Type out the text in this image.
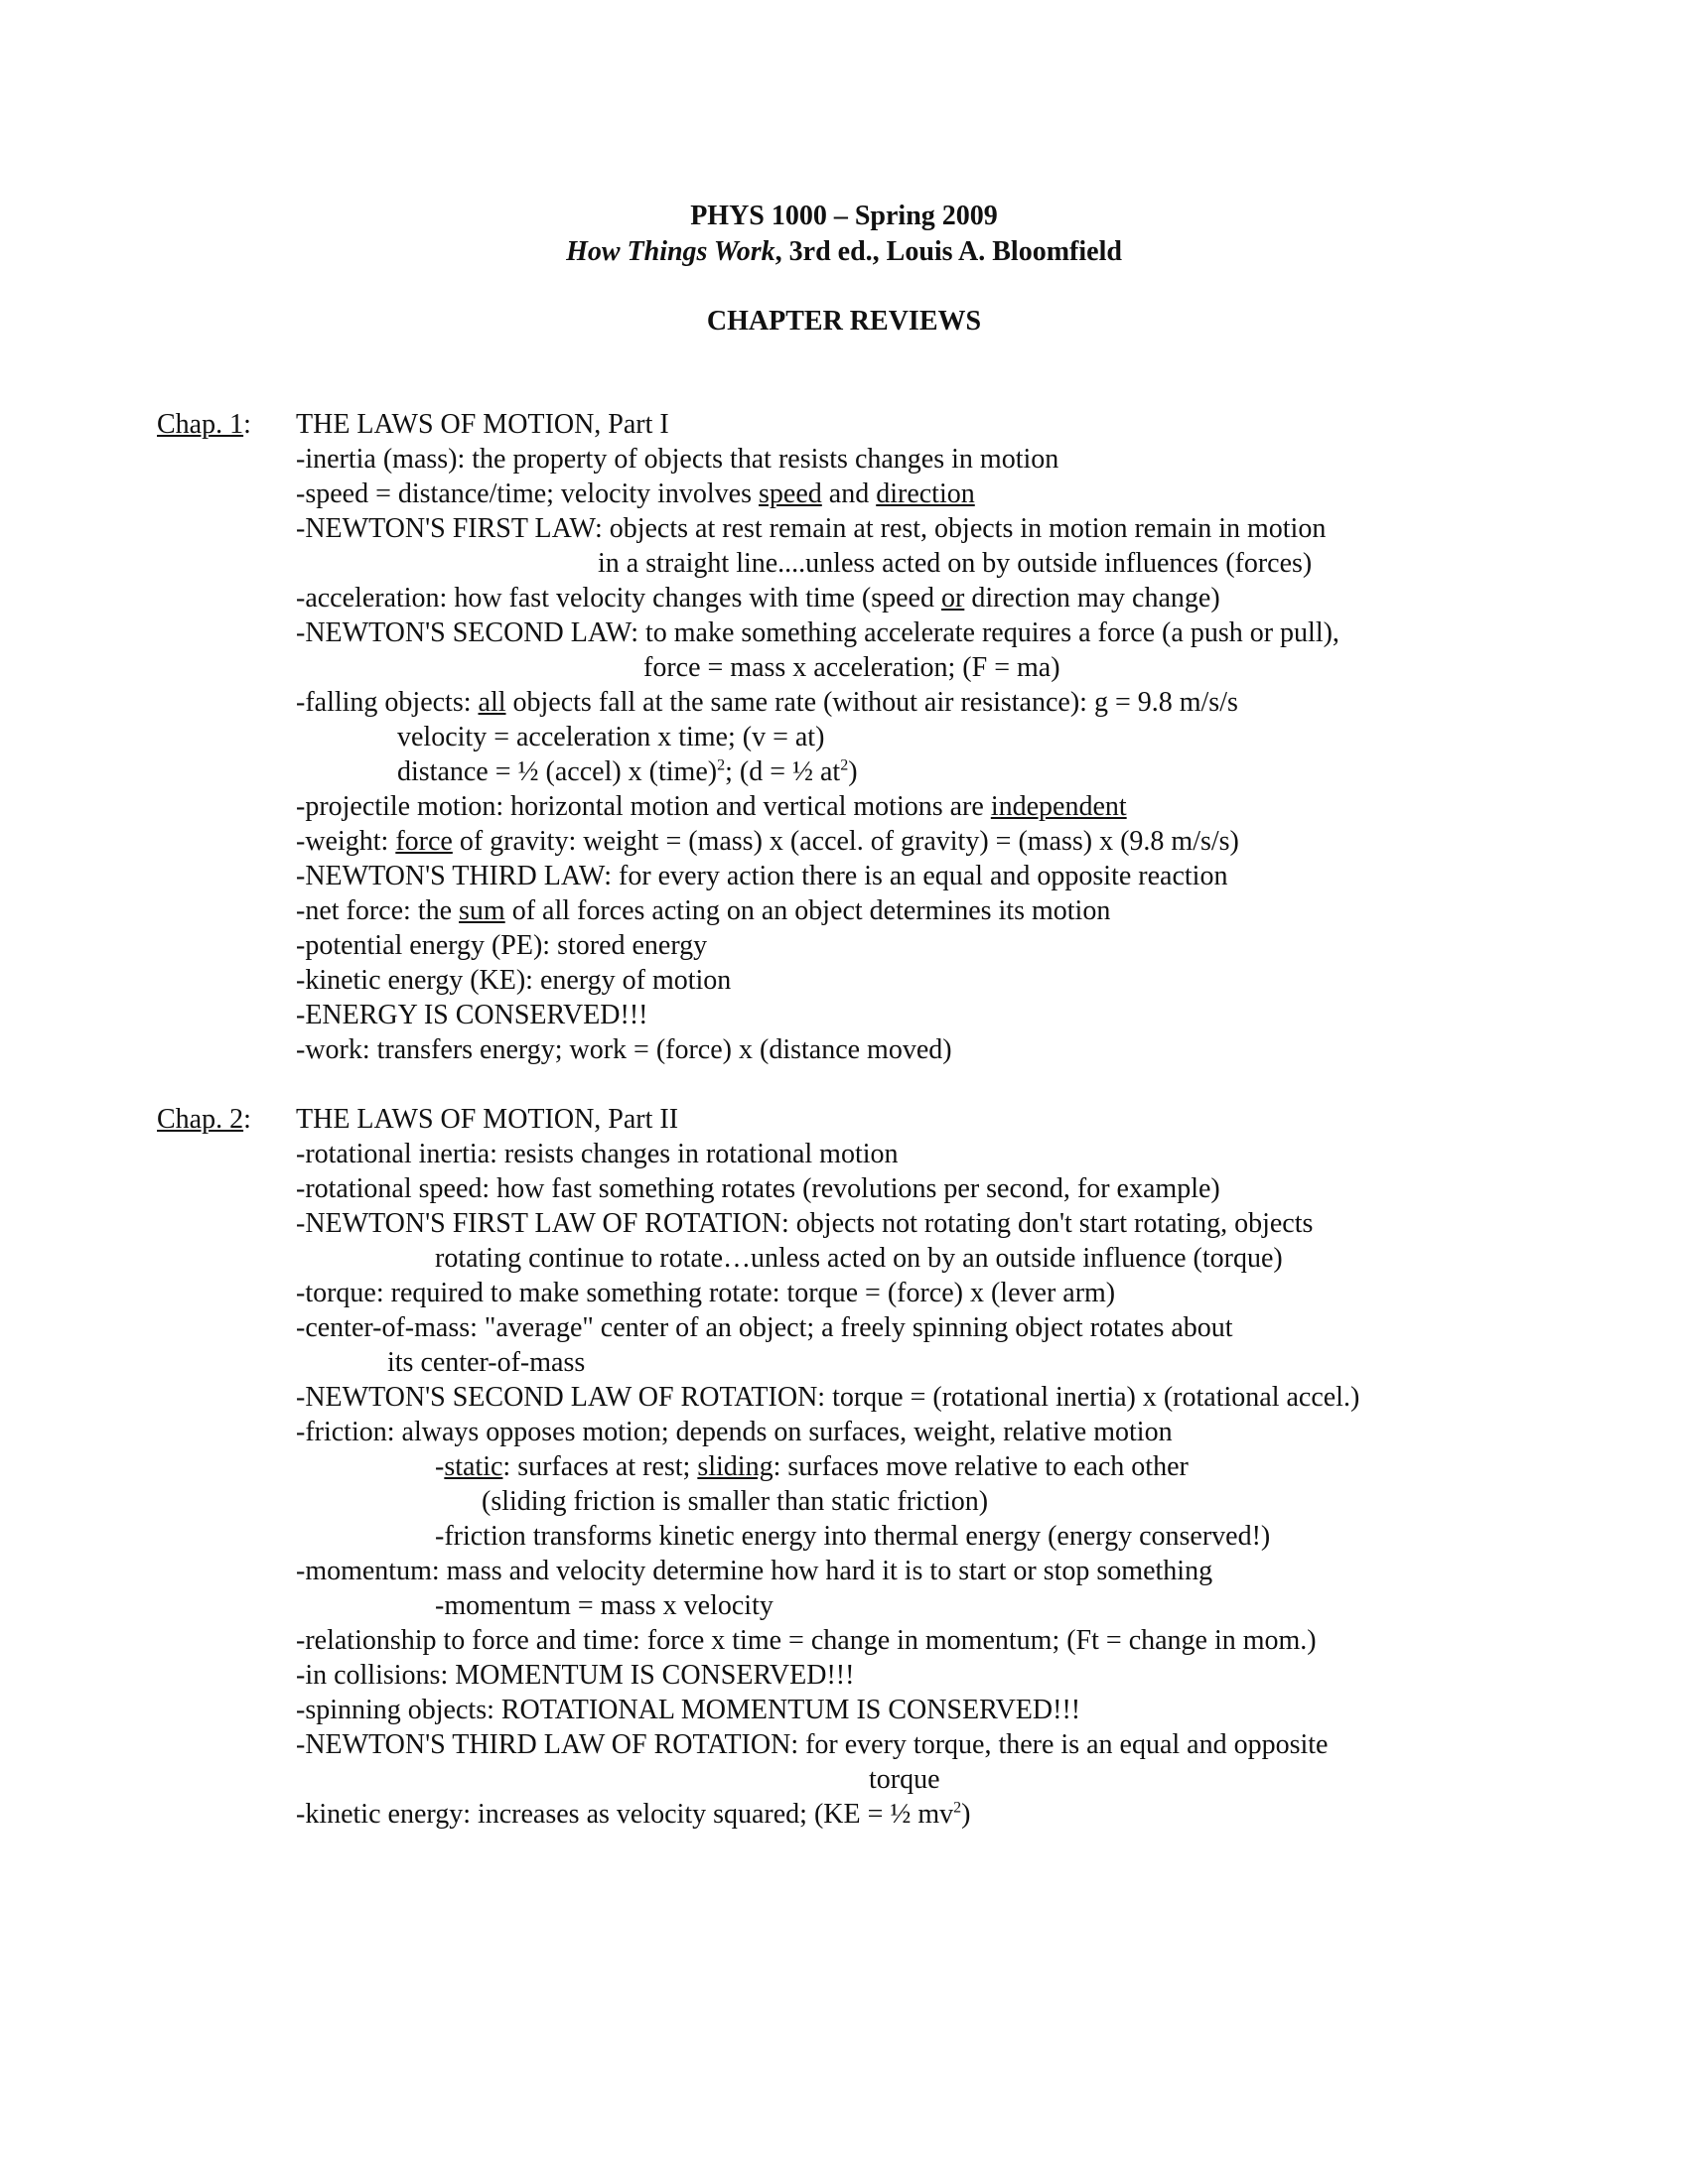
PHYS 1000 – Spring 2009
How Things Work, 3rd ed., Louis A. Bloomfield
CHAPTER REVIEWS
Chap. 1: THE LAWS OF MOTION, Part I
-inertia (mass): the property of objects that resists changes in motion
-speed = distance/time; velocity involves speed and direction
-NEWTON'S FIRST LAW: objects at rest remain at rest, objects in motion remain in motion
in a straight line....unless acted on by outside influences (forces)
-acceleration: how fast velocity changes with time (speed or direction may change)
-NEWTON'S SECOND LAW: to make something accelerate requires a force (a push or pull),
force = mass x acceleration; (F = ma)
-falling objects: all objects fall at the same rate (without air resistance): g = 9.8 m/s/s
velocity = acceleration x time; (v = at)
distance = ½ (accel) x (time)$^2$; (d = ½ $at^2$)
-projectile motion: horizontal motion and vertical motions are independent
-weight: force of gravity: weight = (mass) x (accel. of gravity) = (mass) x (9.8 m/s/s)
-NEWTON'S THIRD LAW: for every action there is an equal and opposite reaction
-net force: the sum of all forces acting on an object determines its motion
-potential energy (PE): stored energy
-kinetic energy (KE): energy of motion
-ENERGY IS CONSERVED!!!
-work: transfers energy; work = (force) x (distance moved)
Chap. 2: THE LAWS OF MOTION, Part II
-rotational inertia: resists changes in rotational motion
-rotational speed: how fast something rotates (revolutions per second, for example)
-NEWTON'S FIRST LAW OF ROTATION: objects not rotating don't start rotating, objects
rotating continue to rotate…unless acted on by an outside influence (torque)
-torque: required to make something rotate: torque = (force) x (lever arm)
-center-of-mass: "average" center of an object; a freely spinning object rotates about
its center-of-mass
-NEWTON'S SECOND LAW OF ROTATION: torque = (rotational inertia) x (rotational accel.)
-friction: always opposes motion; depends on surfaces, weight, relative motion
-static: surfaces at rest; sliding: surfaces move relative to each other
(sliding friction is smaller than static friction)
-friction transforms kinetic energy into thermal energy (energy conserved!)
-momentum: mass and velocity determine how hard it is to start or stop something
-momentum = mass x velocity
-relationship to force and time: force x time = change in momentum; (Ft = change in mom.)
-in collisions: MOMENTUM IS CONSERVED!!!
-spinning objects: ROTATIONAL MOMENTUM IS CONSERVED!!!
-NEWTON'S THIRD LAW OF ROTATION: for every torque, there is an equal and opposite
torque
-kinetic energy: increases as velocity squared; (KE = ½ $mv^2$)
